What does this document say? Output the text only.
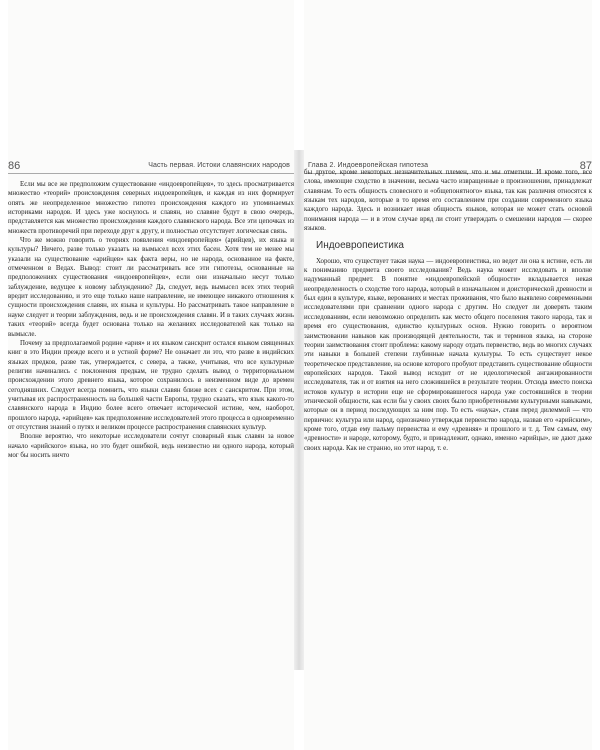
86	Часть первая. Истоки славянских народов

Если мы все же предположим существование «индоевропейцев», то здесь просматривается множество «теорий» происхождения северных индоевропейцев, и каждая из них формирует опять же неопределенное множество гипотез происхождения каждого из упоминаемых историками народов. И здесь уже коснулось и славян, но славяне будут в свою очередь, представляется как множество происхождения каждого славянского народа. Все эти цепочках из множеств противоречий при переходе друг к другу, и полностью отсутствует логическая связь.

Что же можно говорить о теориях появления «индоевропейцев» (арийцев), их языка и культуры? Ничего, разве только указать на вымысел всех этих басен. Хотя тем не менее мы указали на существование «арийцев» как факта веры, но не народа, основанное на факте, отмеченном в Ведах. Вывод: стоит ли рассматривать все эти гипотезы, основанные на предположениях существования «индоевропейцев», если они изначально несут только заблуждение, ведущее к новому заблуждению? Да, следует, ведь вымысел всех этих теорий вредит исследованию, и это еще только наше направление, не имеющее никакого отношения к сущности происхождения славян, их языка и культуры. Но рассматривать такое направление в науке следует и теории заблуждения, ведь и не происхождения славян. И в таких случаях жизнь таких «теорий» всегда будет основана только на желаниях исследователей как только на вымысле.

Почему за предполагаемой родине «ария» и их языком санскрит остался языком священных книг в это Индии прежде всего и в устной форме? Не означает ли это, что разве в индийских языках предков, разве так, утверждается, с севера, а также, учитывая, что все культурные религии начинались с поклонения предкам, не трудно сделать вывод о территориальном происхождении этого древнего языка, которое сохранилось в неизменном виде до времен сегодняшних. Следует всегда помнить, что языки славян ближе всех с санскритом. При этом, учитывая их распространенность на большей части Европы, трудно сказать, что язык какого-то славянского народа в Индию более всего отвечает исторической истине, чем, наоборот, прошлого народа, «арийцев» как предположение исследователей этого процесса в одновременно от отсутствия знаний о путях и великом процессе распространения славянских культур.

Вполне вероятно, что некоторые исследователи сочтут словарный язык славян за новое начало «арийского» языка, но это будет ошибкой, ведь неизвестно ни одного народа, который мог бы носить ничто

Глава 2. Индоевропейская гипотеза	87

бы другое, кроме некоторых незначительных племен, что и мы отметили. И кроме того, все слова, имеющие сходство в значении, весьма часто извращенные в произношении, принадлежат славянам. То есть общность словесного и «общепонятного» языка, так как различия относятся к языкам тех народов, которые в то время его составлением при создании современного языка каждого народа. Здесь и возникает иная общность языков, которая не может стать основой понимания народа — и в этом случае вряд ли стоит утверждать о смешении народов — скорее языков.

Индоевропеистика

Хорошо, что существует такая наука — индоевропеистика, но ведет ли она к истине, есть ли к пониманию предмета своего исследования? Ведь наука может исследовать и вполне надуманный предмет. В понятие «индоевропейской общности» вкладывается некая неопределенность о сходстве того народа, который в изначальном и доисторической древности и был един в культуре, языке, верованиях и местах проживания, что было выявлено современными исследователями при сравнении одного народа с другим. Но следует ли доверять таким исследованиям, если невозможно определить как место общего поселения такого народа, так и время его существования, единство культурных основ. Нужно говорить о вероятном заимствовании навыков как производящей деятельности, так и терминов языка, на стороне теории заимствования стоит проблема: какому народу отдать первенство, ведь во многих случаях эти навыки в большей степени глубинные начала культуры. То есть существует некое теоретическое представление, на основе которого пробуют представить существование общности европейских народов. Такой вывод исходит от не идеологической ангажированности исследователя, так и от взятия на него сложившейся в результате теории. Отсюда вместо поиска истоков культур в истории еще не сформировавшегося народа уже состоявшийся в теории этнической общности, как если бы у своих своих было приобретенными культурными навыками, которые он в период последующих за ним пор. То есть «наука», ставя перед дилеммой — что первично: культура или народ, однозначно утверждая первенство народа, назвав его «арийским», кроме того, отдав ему пальму первенства и ему «древняя» и прошлого и т. д. Тем самым, ему «древности» и народе, которому, будто, и принадлежит, однако, именно «арийцы», не дают даже своих народа. Как не странно, но этот народ, т. е.
